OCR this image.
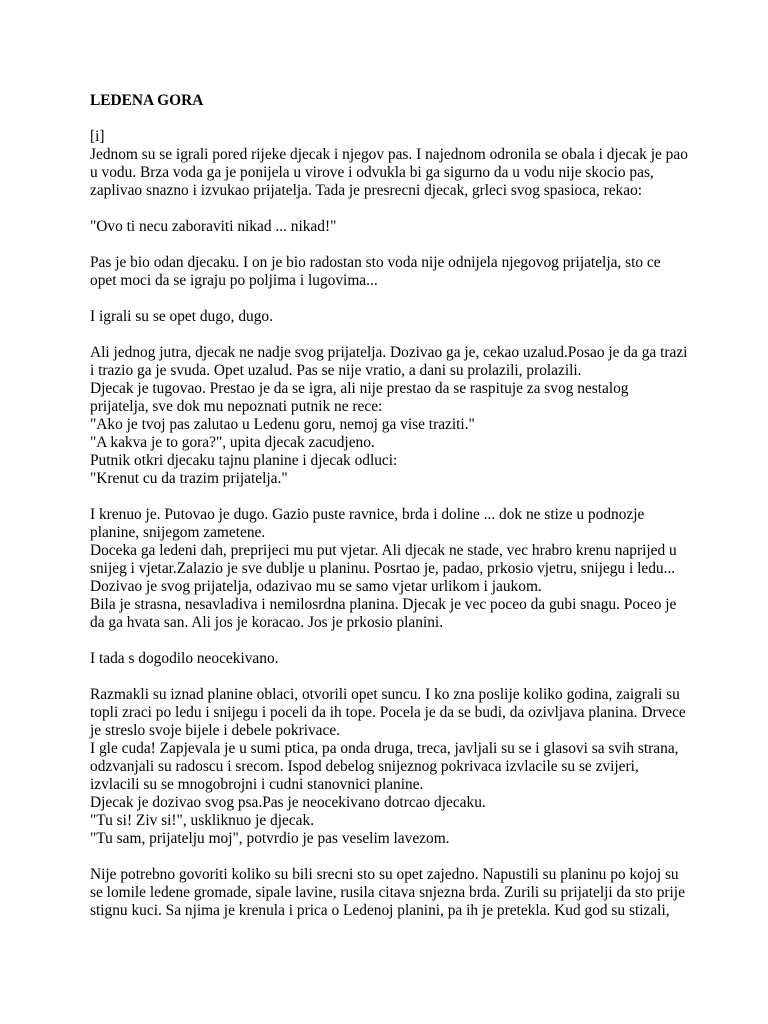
LEDENA GORA
[i]
Jednom su se igrali pored rijeke djecak i njegov pas. I najednom odronila se obala i djecak je pao
u vodu. Brza voda ga je ponijela u virove i odvukla bi ga sigurno da u vodu nije skocio pas,
zaplivao snazno i izvukao prijatelja. Tada je presrecni djecak, grleci svog spasioca, rekao:
"Ovo ti necu zaboraviti nikad ... nikad!"
Pas je bio odan djecaku. I on je bio radostan sto voda nije odnijela njegovog prijatelja, sto ce
opet moci da se igraju po poljima i lugovima...
I igrali su se opet dugo, dugo.
Ali jednog jutra, djecak ne nadje svog prijatelja. Dozivao ga je, cekao uzalud.Posao je da ga trazi
i trazio ga je svuda. Opet uzalud. Pas se nije vratio, a dani su prolazili, prolazili.
Djecak je tugovao. Prestao je da se igra, ali nije prestao da se raspituje za svog nestalog
prijatelja, sve dok mu nepoznati putnik ne rece:
"Ako je tvoj pas zalutao u Ledenu goru, nemoj ga vise traziti."
"A kakva je to gora?", upita djecak zacudjeno.
Putnik otkri djecaku tajnu planine i djecak odluci:
"Krenut cu da trazim prijatelja."
I krenuo je. Putovao je dugo. Gazio puste ravnice, brda i doline ... dok ne stize u podnozje
planine, snijegom zametene.
Doceka ga ledeni dah, preprijeci mu put vjetar. Ali djecak ne stade, vec hrabro krenu naprijed u
snijeg i vjetar.Zalazio je sve dublje u planinu. Posrtao je, padao, prkosio vjetru, snijegu i ledu...
Dozivao je svog prijatelja, odazivao mu se samo vjetar urlikom i jaukom.
Bila je strasna, nesavladiva i nemilosrdna planina. Djecak je vec poceo da gubi snagu. Poceo je
da ga hvata san. Ali jos je koracao. Jos je prkosio planini.
I tada s dogodilo neocekivano.
Razmakli su iznad planine oblaci, otvorili opet suncu. I ko zna poslije koliko godina, zaigrali su
topli zraci po ledu i snijegu i poceli da ih tope. Pocela je da se budi, da ozivljava planina. Drvece
je streslo svoje bijele i debele pokrivace.
I gle cuda! Zapjevala je u sumi ptica, pa onda druga, treca, javljali su se i glasovi sa svih strana,
odzvanjali su radoscu i srecom. Ispod debelog snijeznog pokrivaca izvlacile su se zvijeri,
izvlacili su se mnogobrojni i cudni stanovnici planine.
Djecak je dozivao svog psa.Pas je neocekivano dotrcao djecaku.
"Tu si! Ziv si!", uskliknuo je djecak.
"Tu sam, prijatelju moj", potvrdio je pas veselim lavezom.
Nije potrebno govoriti koliko su bili srecni sto su opet zajedno. Napustili su planinu po kojoj su
se lomile ledene gromade, sipale lavine, rusila citava snjezna brda. Zurili su prijatelji da sto prije
stignu kuci. Sa njima je krenula i prica o Ledenoj planini, pa ih je pretekla. Kud god su stizali,
